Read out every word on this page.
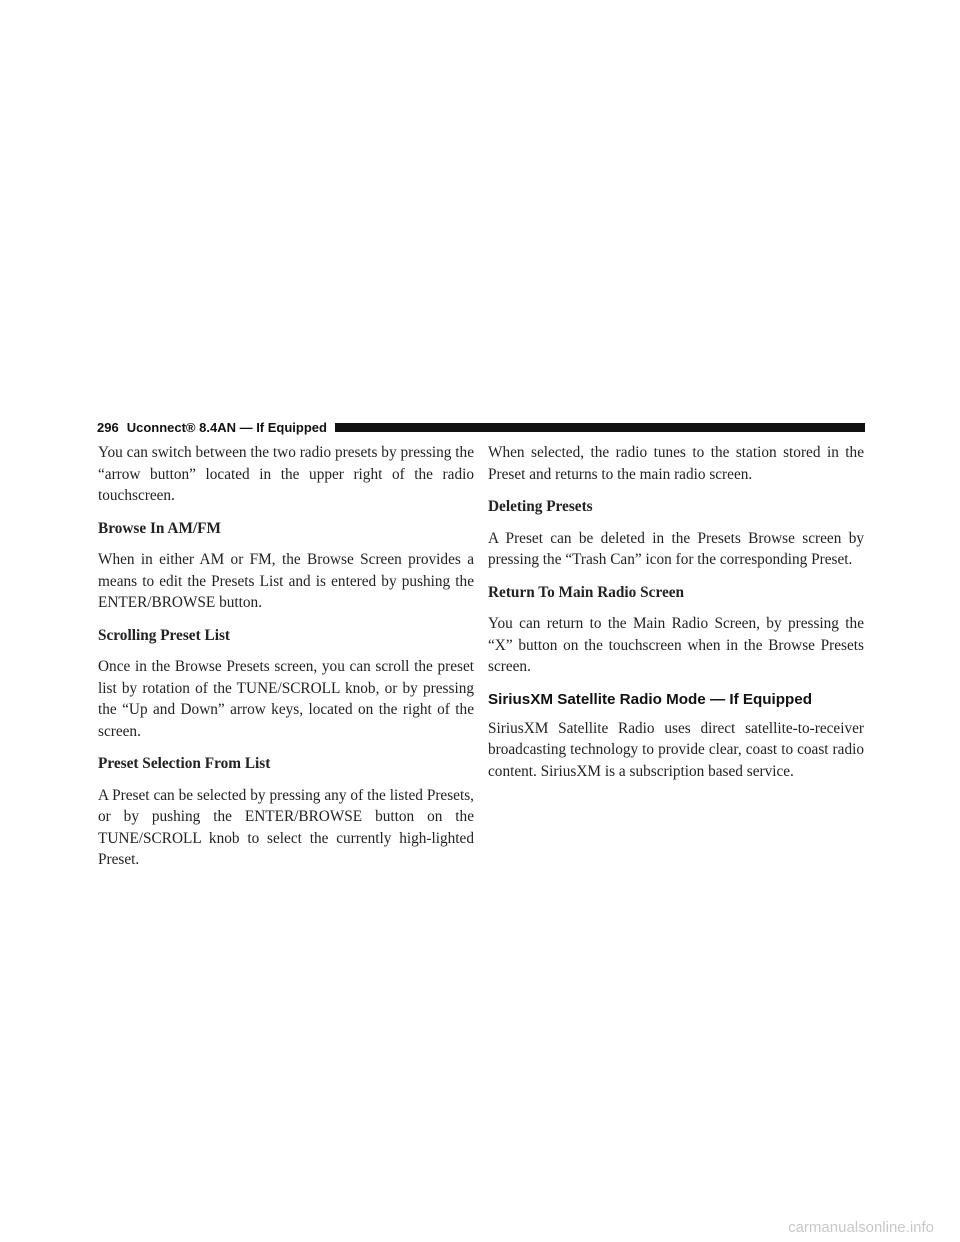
296 Uconnect® 8.4AN — If Equipped

You can switch between the two radio presets by pressing the “arrow button” located in the upper right of the radio touchscreen.

Browse In AM/FM

When in either AM or FM, the Browse Screen provides a means to edit the Presets List and is entered by pushing the ENTER/BROWSE button.

Scrolling Preset List

Once in the Browse Presets screen, you can scroll the preset list by rotation of the TUNE/SCROLL knob, or by pressing the “Up and Down” arrow keys, located on the right of the screen.

Preset Selection From List

A Preset can be selected by pressing any of the listed Presets, or by pushing the ENTER/BROWSE button on the TUNE/SCROLL knob to select the currently high-lighted Preset.

When selected, the radio tunes to the station stored in the Preset and returns to the main radio screen.

Deleting Presets

A Preset can be deleted in the Presets Browse screen by pressing the “Trash Can” icon for the corresponding Preset.

Return To Main Radio Screen

You can return to the Main Radio Screen, by pressing the “X” button on the touchscreen when in the Browse Presets screen.

SiriusXM Satellite Radio Mode — If Equipped

SiriusXM Satellite Radio uses direct satellite-to-receiver broadcasting technology to provide clear, coast to coast radio content. SiriusXM is a subscription based service.

carmanualsonline.info
